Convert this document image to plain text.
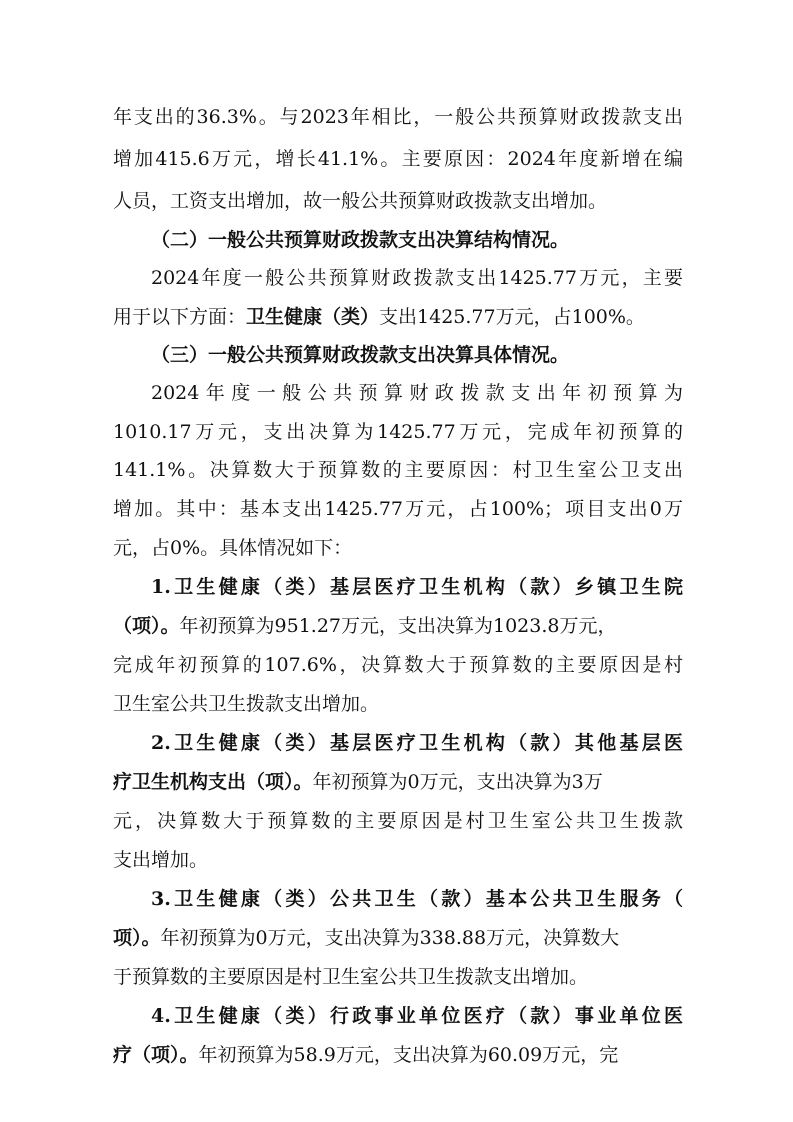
年支出的36.3%。与2023年相比，一般公共预算财政拨款支出
增加415.6万元，增长41.1%。主要原因：2024年度新增在编
人员，工资支出增加，故一般公共预算财政拨款支出增加。
（二）一般公共预算财政拨款支出决算结构情况。
2024年度一般公共预算财政拨款支出1425.77万元，主要
用于以下方面：卫生健康（类）支出1425.77万元，占100%。
（三）一般公共预算财政拨款支出决算具体情况。
2024年度一般公共预算财政拨款支出年初预算为
1010.17万元，支出决算为1425.77万元，完成年初预算的
141.1%。决算数大于预算数的主要原因：村卫生室公卫支出
增加。其中：基本支出1425.77万元，占100%；项目支出0万
元，占0%。具体情况如下：
1.卫生健康（类）基层医疗卫生机构（款）乡镇卫生院
（项）。年初预算为951.27万元，支出决算为1023.8万元，
完成年初预算的107.6%，决算数大于预算数的主要原因是村
卫生室公共卫生拨款支出增加。
2.卫生健康（类）基层医疗卫生机构（款）其他基层医
疗卫生机构支出（项）。年初预算为0万元，支出决算为3万
元，决算数大于预算数的主要原因是村卫生室公共卫生拨款
支出增加。
3.卫生健康（类）公共卫生（款）基本公共卫生服务（
项）。年初预算为0万元，支出决算为338.88万元，决算数大
于预算数的主要原因是村卫生室公共卫生拨款支出增加。
4.卫生健康（类）行政事业单位医疗（款）事业单位医
疗（项）。年初预算为58.9万元，支出决算为60.09万元，完
